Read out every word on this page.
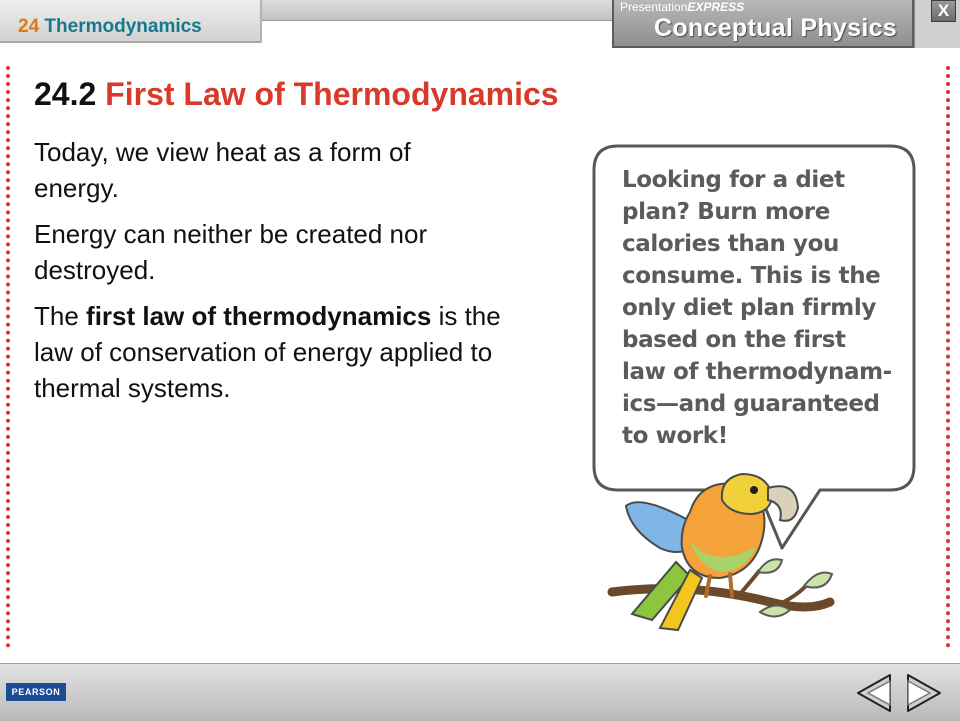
24 Thermodynamics
PresentationEXPRESS
Conceptual Physics
X
24.2 First Law of Thermodynamics

Today, we view heat as a form of energy.

Energy can neither be created nor destroyed.

The first law of thermodynamics is the law of conservation of energy applied to thermal systems.

Looking for a diet
plan? Burn more
calories than you
consume. This is the
only diet plan firmly
based on the first
law of thermodynam-
ics—and guaranteed
to work!
PEARSON
